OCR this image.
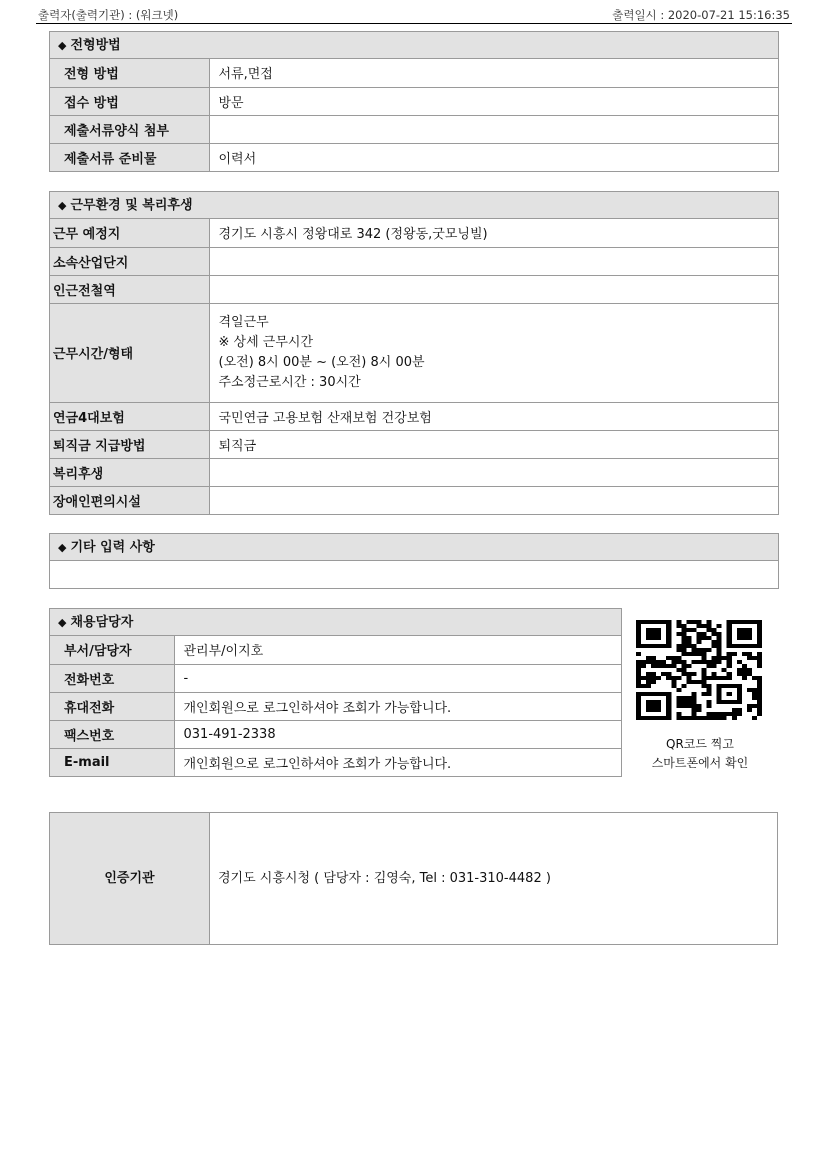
출력자(출력기관) : (워크넷)	출력일시 : 2020-07-21 15:16:35
◆ 전형방법
전형 방법	서류,면접
접수 방법	방문
제출서류양식 첨부	
제출서류 준비물	이력서
◆ 근무환경 및 복리후생
근무 예정지	경기도 시흥시 정왕대로 342 (정왕동,굿모닝빌)
소속산업단지	
인근전철역	
근무시간/형태	격일근무
※ 상세 근무시간
(오전) 8시 00분 ~ (오전) 8시 00분
주소정근로시간 : 30시간

연금4대보험	국민연금 고용보험 산재보험 건강보험
퇴직금 지급방법	퇴직금
복리후생	
장애인편의시설	
◆ 기타 입력 사항
◆ 채용담당자
부서/담당자	관리부/이지호
전화번호	-
휴대전화	개인회원으로 로그인하셔야 조회가 가능합니다.
팩스번호	031-491-2338
E-mail	개인회원으로 로그인하셔야 조회가 가능합니다.
QR코드 찍고
스마트폰에서 확인
인증기관	경기도 시흥시청 ( 담당자 : 김영숙, Tel : 031-310-4482 )
